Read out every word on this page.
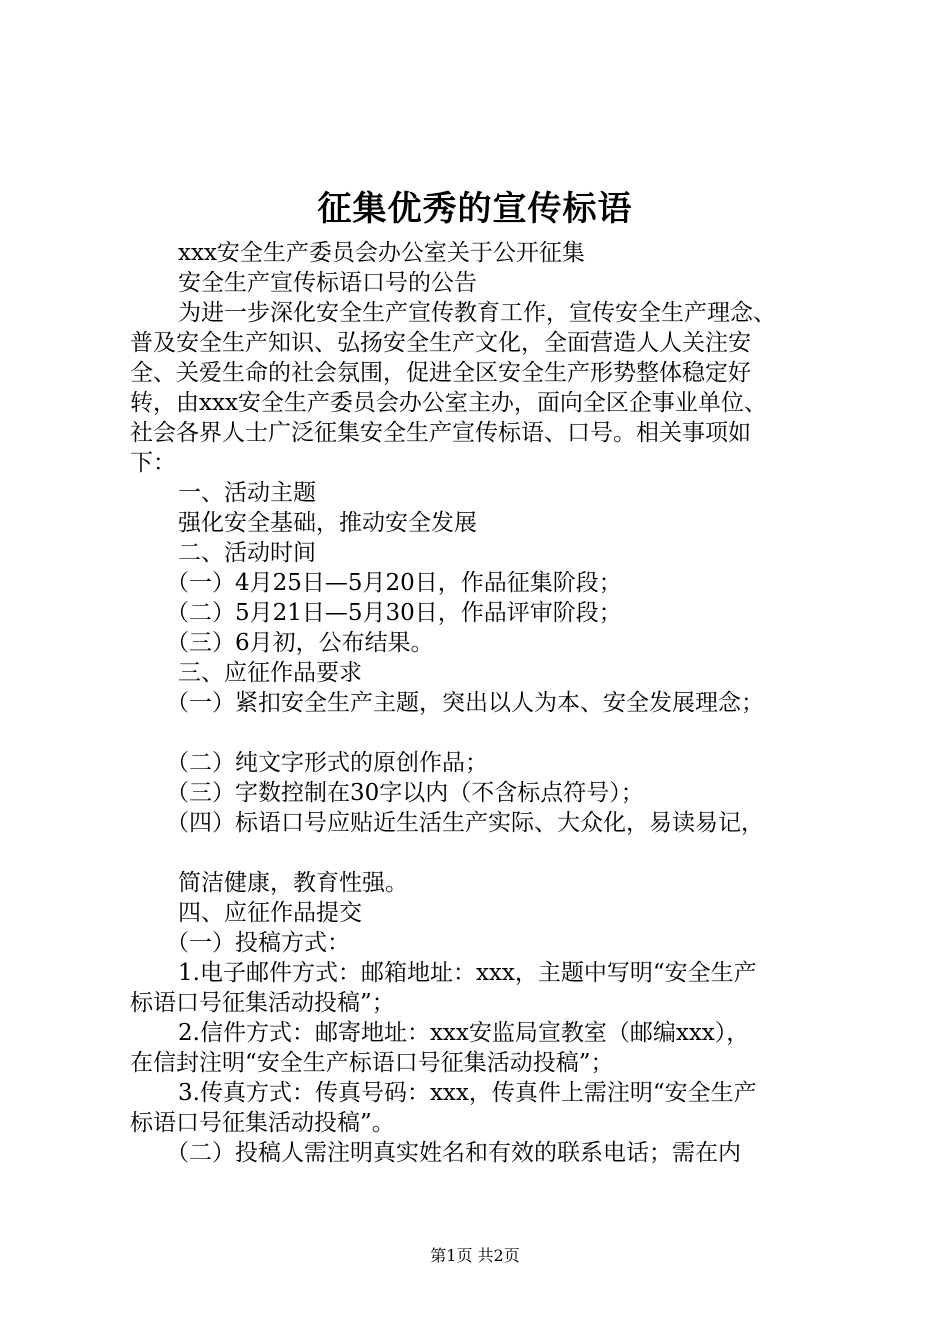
征集优秀的宣传标语
xxx安全生产委员会办公室关于公开征集
安全生产宣传标语口号的公告
为进一步深化安全生产宣传教育工作，宣传安全生产理念、
普及安全生产知识、弘扬安全生产文化，全面营造人人关注安
全、关爱生命的社会氛围，促进全区安全生产形势整体稳定好
转，由xxx安全生产委员会办公室主办，面向全区企事业单位、
社会各界人士广泛征集安全生产宣传标语、口号。相关事项如
下：
一、活动主题
强化安全基础，推动安全发展
二、活动时间
（一）4月25日—5月20日，作品征集阶段；
（二）5月21日—5月30日，作品评审阶段；
（三）6月初，公布结果。
三、应征作品要求
（一）紧扣安全生产主题，突出以人为本、安全发展理念；
（二）纯文字形式的原创作品；
（三）字数控制在30字以内（不含标点符号）；
（四）标语口号应贴近生活生产实际、大众化，易读易记，
简洁健康，教育性强。
四、应征作品提交
（一）投稿方式：
1.电子邮件方式：邮箱地址：xxx，主题中写明“安全生产
标语口号征集活动投稿”；
2.信件方式：邮寄地址：xxx安监局宣教室（邮编xxx），
在信封注明“安全生产标语口号征集活动投稿”；
3.传真方式：传真号码：xxx，传真件上需注明“安全生产
标语口号征集活动投稿”。
（二）投稿人需注明真实姓名和有效的联系电话；需在内
第1页 共2页
